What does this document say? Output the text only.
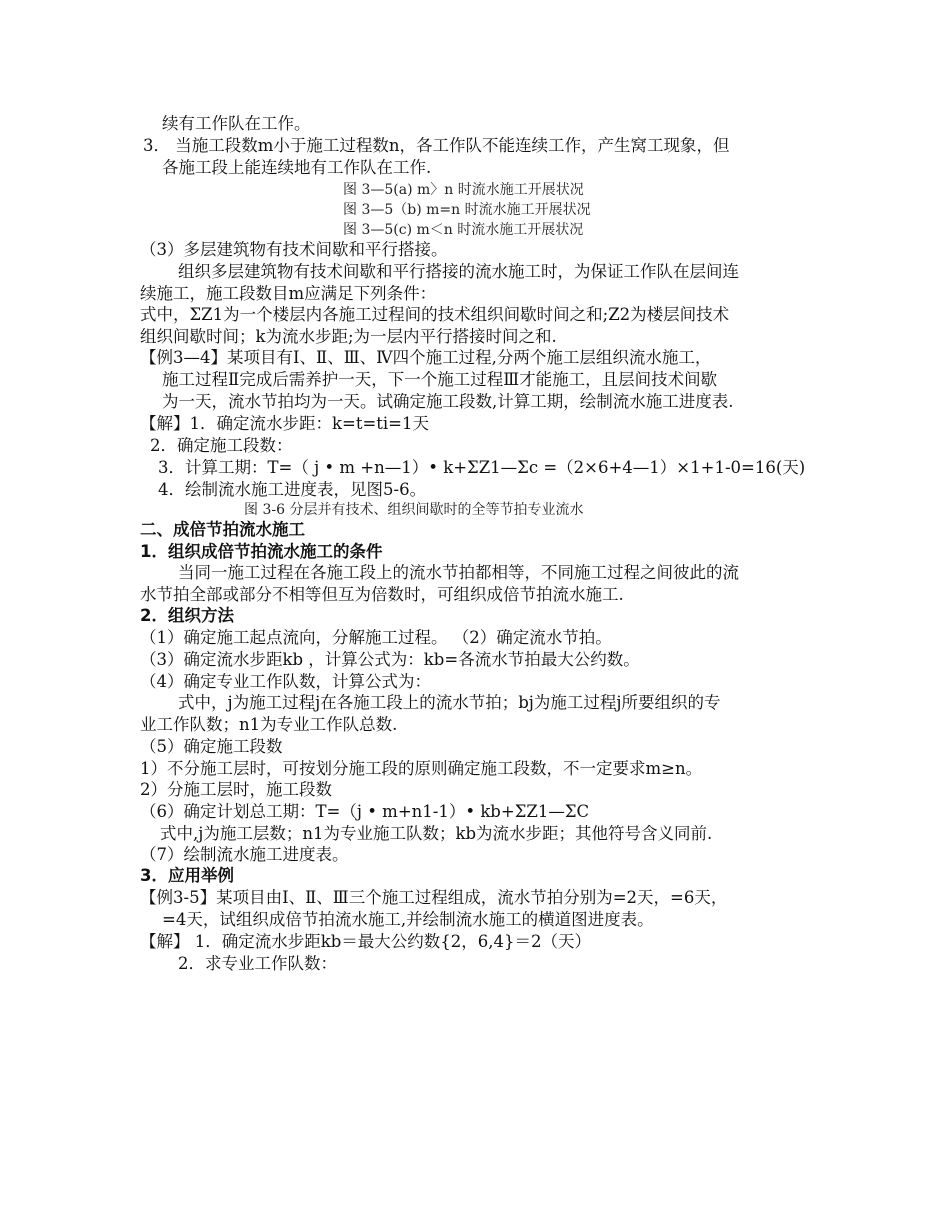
续有工作队在工作。
3． 当施工段数m小于施工过程数n，各工作队不能连续工作，产生窝工现象，但
各施工段上能连续地有工作队在工作.
图 3—5(a) m〉n 时流水施工开展状况
图 3—5（b) m=n 时流水施工开展状况
图 3—5(c) m＜n 时流水施工开展状况
（3）多层建筑物有技术间歇和平行搭接。
组织多层建筑物有技术间歇和平行搭接的流水施工时，为保证工作队在层间连
续施工，施工段数目m应满足下列条件：
式中，ΣZ1为一个楼层内各施工过程间的技术组织间歇时间之和;Z2为楼层间技术
组织间歇时间；k为流水步距;为一层内平行搭接时间之和.
【例3—4】某项目有Ⅰ、Ⅱ、Ⅲ、Ⅳ四个施工过程,分两个施工层组织流水施工，
施工过程Ⅱ完成后需养护一天，下一个施工过程Ⅲ才能施工，且层间技术间歇
为一天，流水节拍均为一天。试确定施工段数,计算工期，绘制流水施工进度表.
【解】1．确定流水步距：k=t=ti=1天
2．确定施工段数：
3．计算工期：T=（ j • m +n—1）• k+ΣZ1—Σc =（2×6+4—1）×1+1-0=16(天)
4．绘制流水施工进度表，见图5-6。
图 3-6 分层并有技术、组织间歇时的全等节拍专业流水
二、成倍节拍流水施工
1．组织成倍节拍流水施工的条件
当同一施工过程在各施工段上的流水节拍都相等，不同施工过程之间彼此的流
水节拍全部或部分不相等但互为倍数时，可组织成倍节拍流水施工.
2．组织方法
（1）确定施工起点流向，分解施工过程。 （2）确定流水节拍。
（3）确定流水步距kb ，计算公式为：kb=各流水节拍最大公约数。
（4）确定专业工作队数，计算公式为：
式中，j为施工过程j在各施工段上的流水节拍；bj为施工过程j所要组织的专
业工作队数；n1为专业工作队总数.
（5）确定施工段数
1）不分施工层时，可按划分施工段的原则确定施工段数，不一定要求m≥n。
2）分施工层时，施工段数
（6）确定计划总工期：T=（j • m+n1-1）• kb+ΣZ1—ΣC
式中,j为施工层数；n1为专业施工队数；kb为流水步距；其他符号含义同前.
（7）绘制流水施工进度表。
3．应用举例
【例3-5】某项目由Ⅰ、Ⅱ、Ⅲ三个施工过程组成，流水节拍分别为=2天，=6天，
=4天，试组织成倍节拍流水施工,并绘制流水施工的横道图进度表。
【解】 1．确定流水步距kb＝最大公约数{2，6,4}＝2（天）
2．求专业工作队数：
